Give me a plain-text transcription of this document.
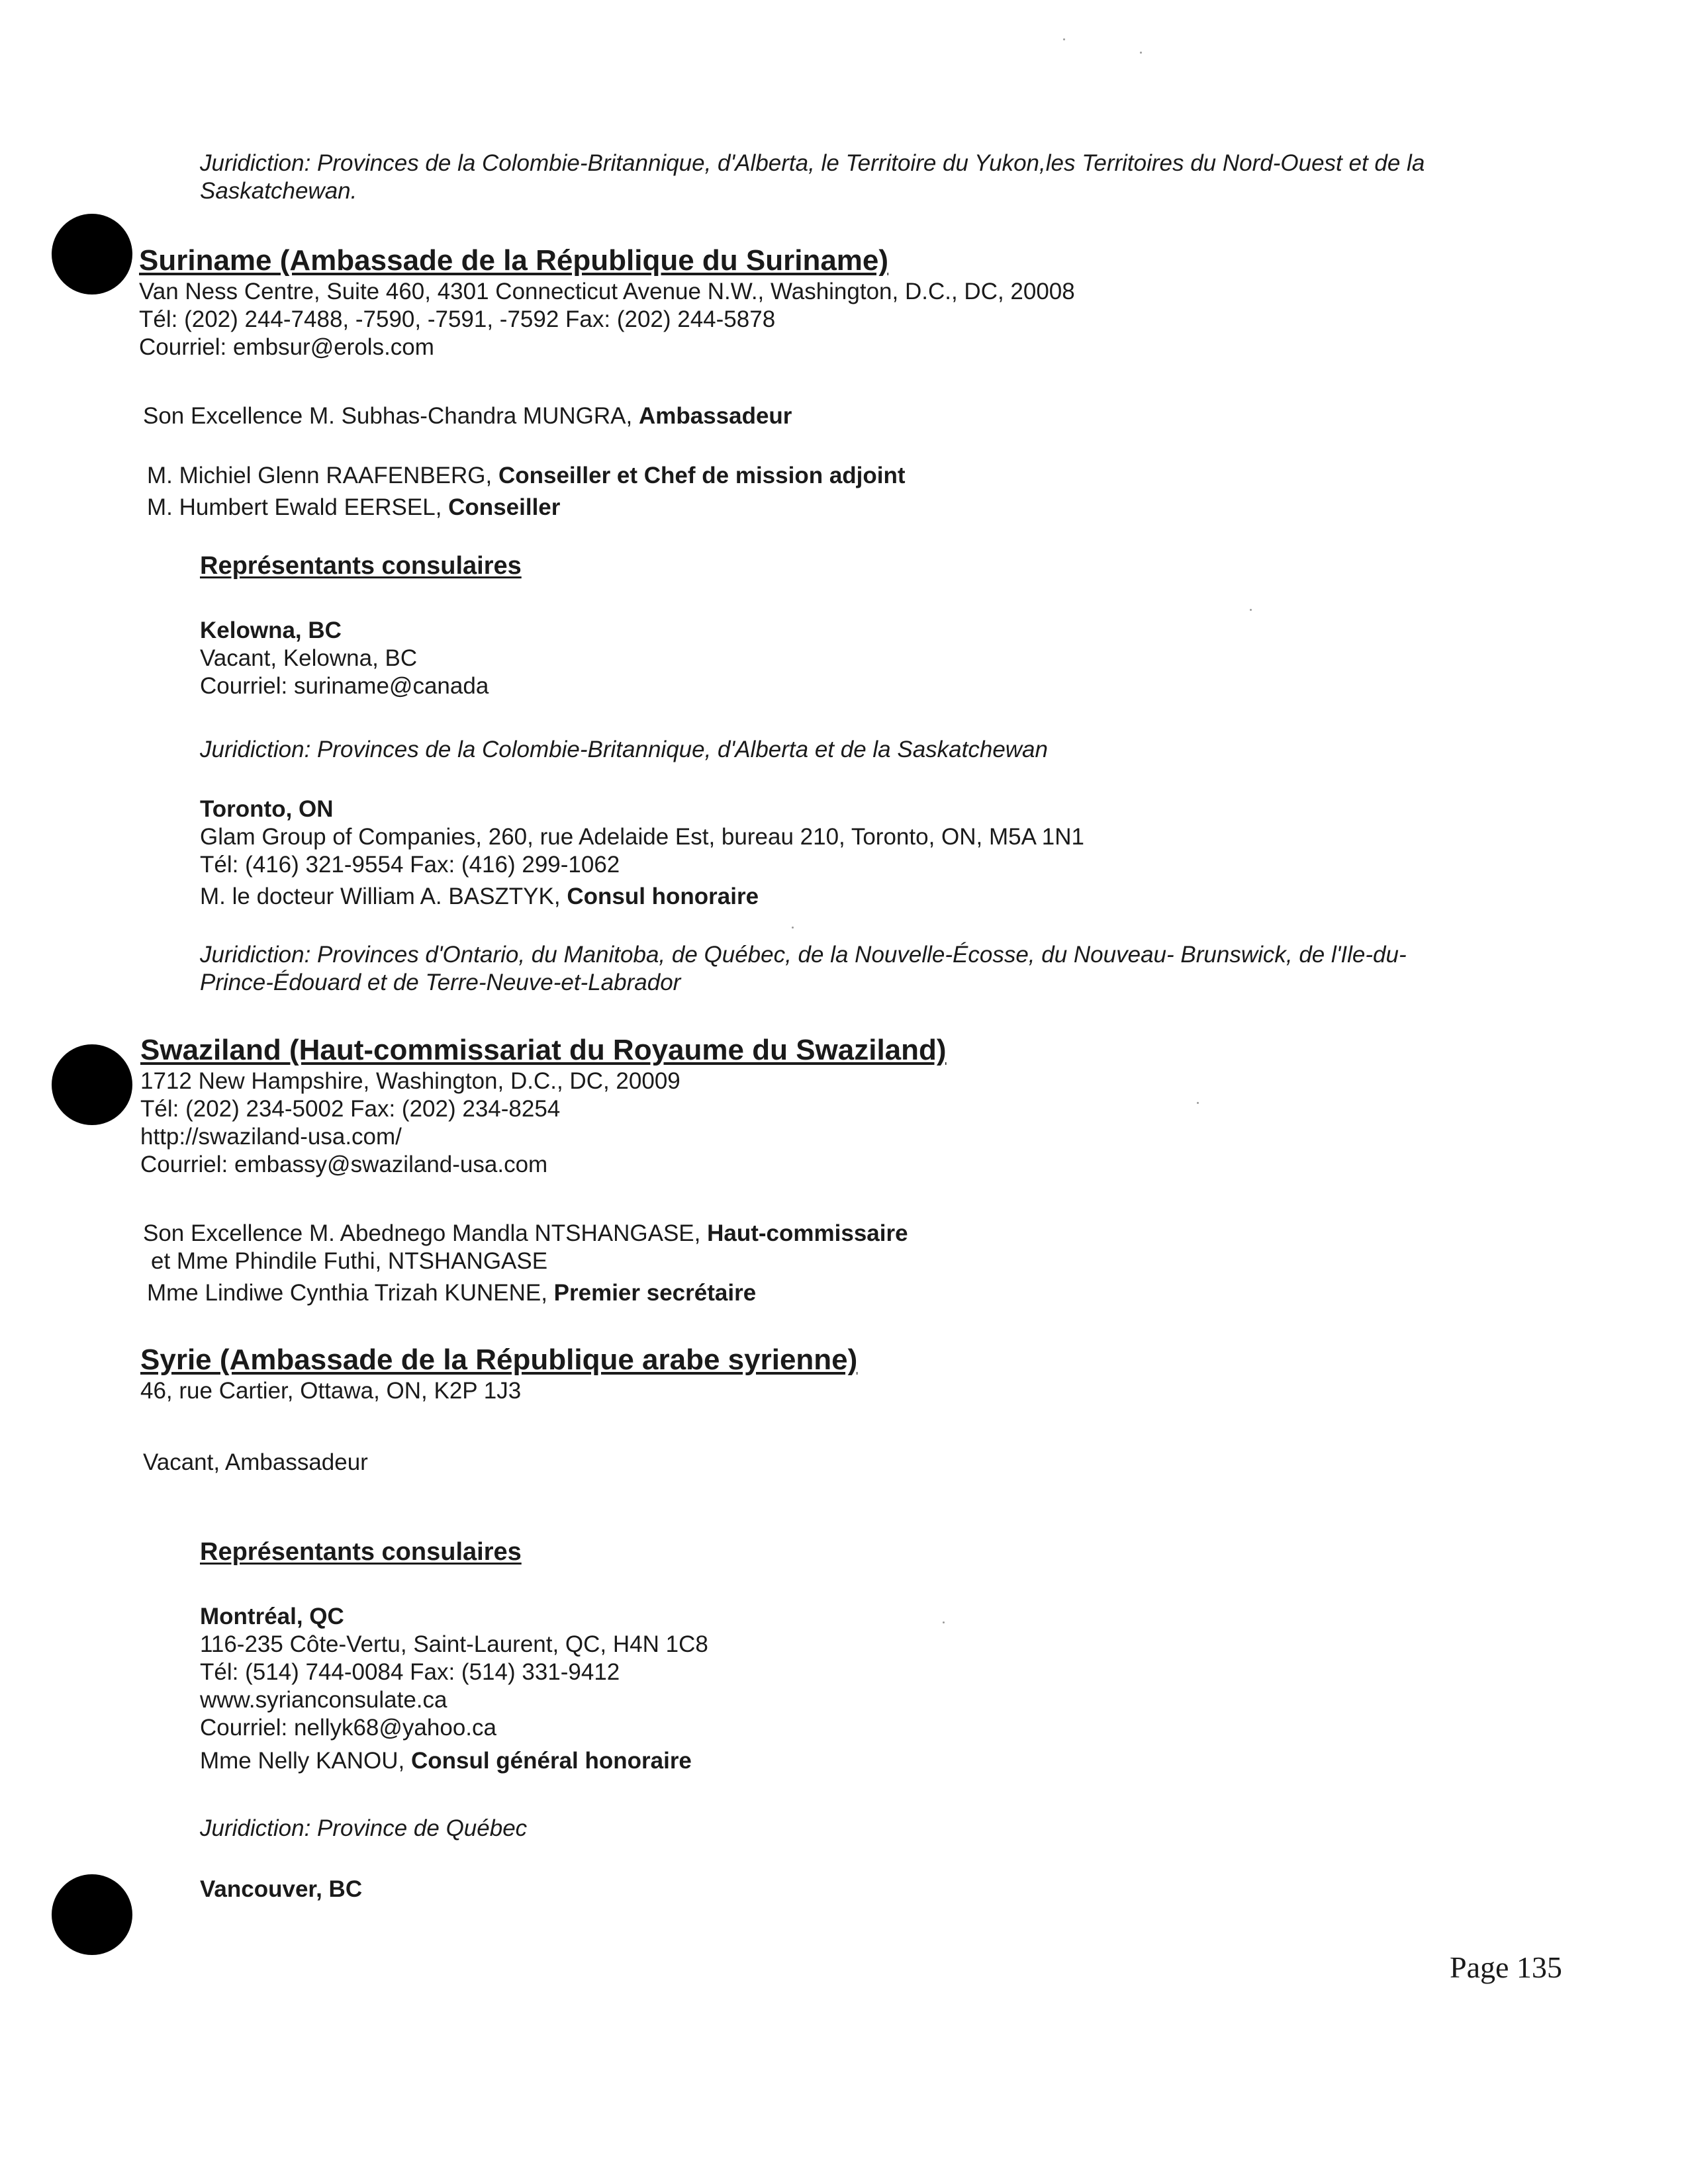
Juridiction: Provinces de la Colombie-Britannique, d'Alberta, le Territoire du Yukon,les Territoires du Nord-Ouest et de la
Saskatchewan.
Suriname (Ambassade de la République du Suriname)
Van Ness Centre, Suite 460, 4301 Connecticut Avenue N.W., Washington, D.C., DC, 20008
Tél: (202) 244-7488, -7590, -7591, -7592 Fax: (202) 244-5878
Courriel: embsur@erols.com
Son Excellence M. Subhas-Chandra MUNGRA, Ambassadeur
M. Michiel Glenn RAAFENBERG, Conseiller et Chef de mission adjoint
M. Humbert Ewald EERSEL, Conseiller
Représentants consulaires
Kelowna, BC
Vacant, Kelowna, BC
Courriel: suriname@canada
Juridiction: Provinces de la Colombie-Britannique, d'Alberta et de la Saskatchewan
Toronto, ON
Glam Group of Companies, 260, rue Adelaide Est, bureau 210, Toronto, ON, M5A 1N1
Tél: (416) 321-9554 Fax: (416) 299-1062
M. le docteur William A. BASZTYK, Consul honoraire
Juridiction: Provinces d'Ontario, du Manitoba, de Québec, de la Nouvelle-Écosse, du Nouveau- Brunswick, de l'Ile-du-
Prince-Édouard et de Terre-Neuve-et-Labrador
Swaziland (Haut-commissariat du Royaume du Swaziland)
1712 New Hampshire, Washington, D.C., DC, 20009
Tél: (202) 234-5002 Fax: (202) 234-8254
http://swaziland-usa.com/
Courriel: embassy@swaziland-usa.com
Son Excellence M. Abednego Mandla NTSHANGASE, Haut-commissaire
et Mme Phindile Futhi, NTSHANGASE
Mme Lindiwe Cynthia Trizah KUNENE, Premier secrétaire
Syrie (Ambassade de la République arabe syrienne)
46, rue Cartier, Ottawa, ON, K2P 1J3
Vacant, Ambassadeur
Représentants consulaires
Montréal, QC
116-235 Côte-Vertu, Saint-Laurent, QC, H4N 1C8
Tél: (514) 744-0084 Fax: (514) 331-9412
www.syrianconsulate.ca
Courriel: nellyk68@yahoo.ca
Mme Nelly KANOU, Consul général honoraire
Juridiction: Province de Québec
Vancouver, BC
Page 135
